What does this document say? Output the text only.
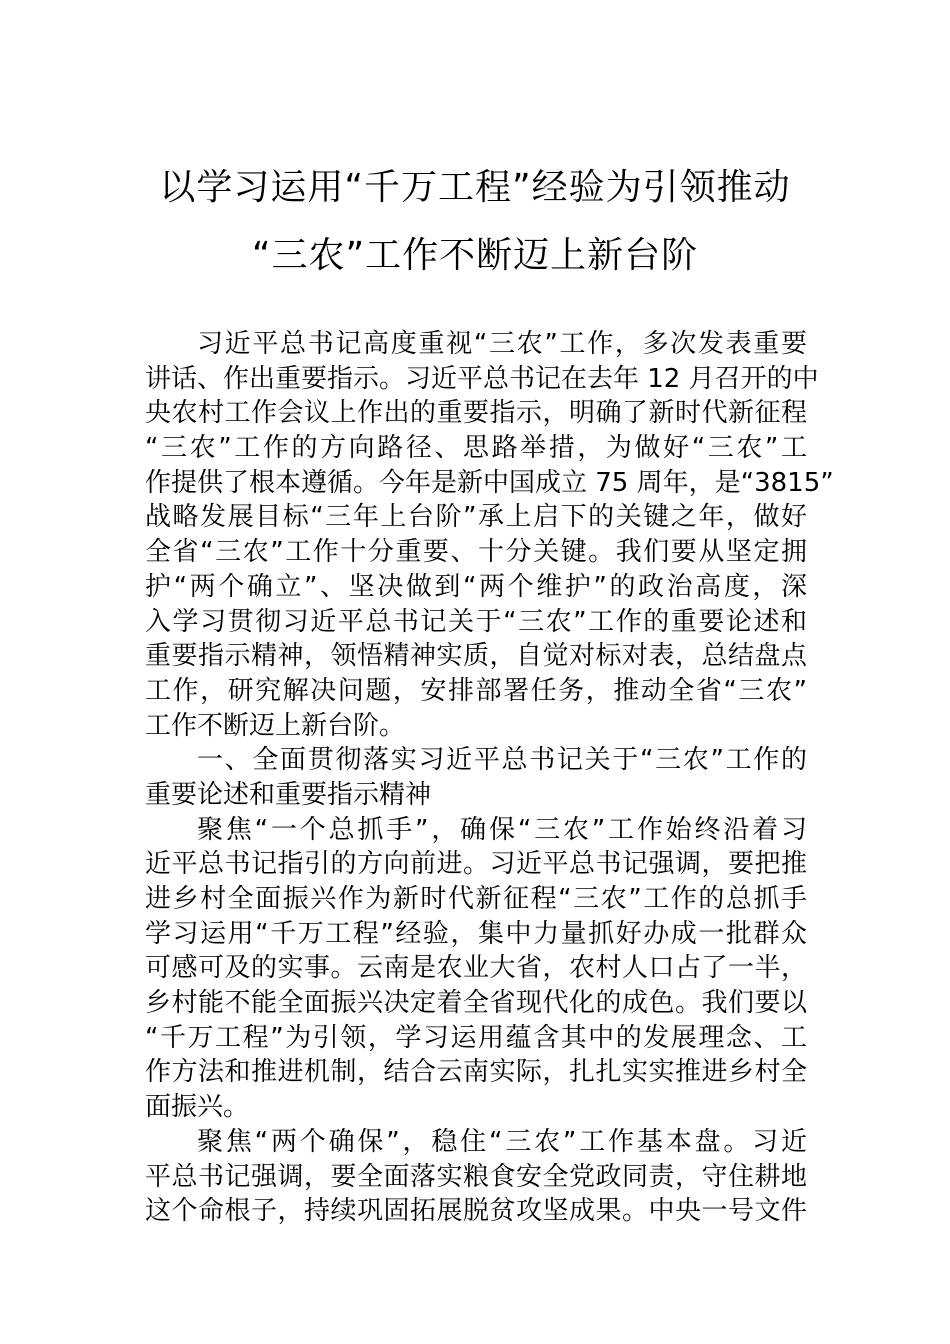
以学习运用“千万工程”经验为引领推动
“三农”工作不断迈上新台阶
习近平总书记高度重视“三农”工作，多次发表重要
讲话、作出重要指示。习近平总书记在去年 12 月召开的中
央农村工作会议上作出的重要指示，明确了新时代新征程
“三农”工作的方向路径、思路举措，为做好“三农”工
作提供了根本遵循。今年是新中国成立 75 周年，是“3815”
战略发展目标“三年上台阶”承上启下的关键之年，做好
全省“三农”工作十分重要、十分关键。我们要从坚定拥
护“两个确立”、坚决做到“两个维护”的政治高度，深
入学习贯彻习近平总书记关于“三农”工作的重要论述和
重要指示精神，领悟精神实质，自觉对标对表，总结盘点
工作，研究解决问题，安排部署任务，推动全省“三农”
工作不断迈上新台阶。
一、全面贯彻落实习近平总书记关于“三农”工作的
重要论述和重要指示精神
聚焦“一个总抓手”，确保“三农”工作始终沿着习
近平总书记指引的方向前进。习近平总书记强调，要把推
进乡村全面振兴作为新时代新征程“三农”工作的总抓手
学习运用“千万工程”经验，集中力量抓好办成一批群众
可感可及的实事。云南是农业大省，农村人口占了一半，
乡村能不能全面振兴决定着全省现代化的成色。我们要以
“千万工程”为引领，学习运用蕴含其中的发展理念、工
作方法和推进机制，结合云南实际，扎扎实实推进乡村全
面振兴。
聚焦“两个确保”，稳住“三农”工作基本盘。习近
平总书记强调，要全面落实粮食安全党政同责，守住耕地
这个命根子，持续巩固拓展脱贫攻坚成果。中央一号文件
